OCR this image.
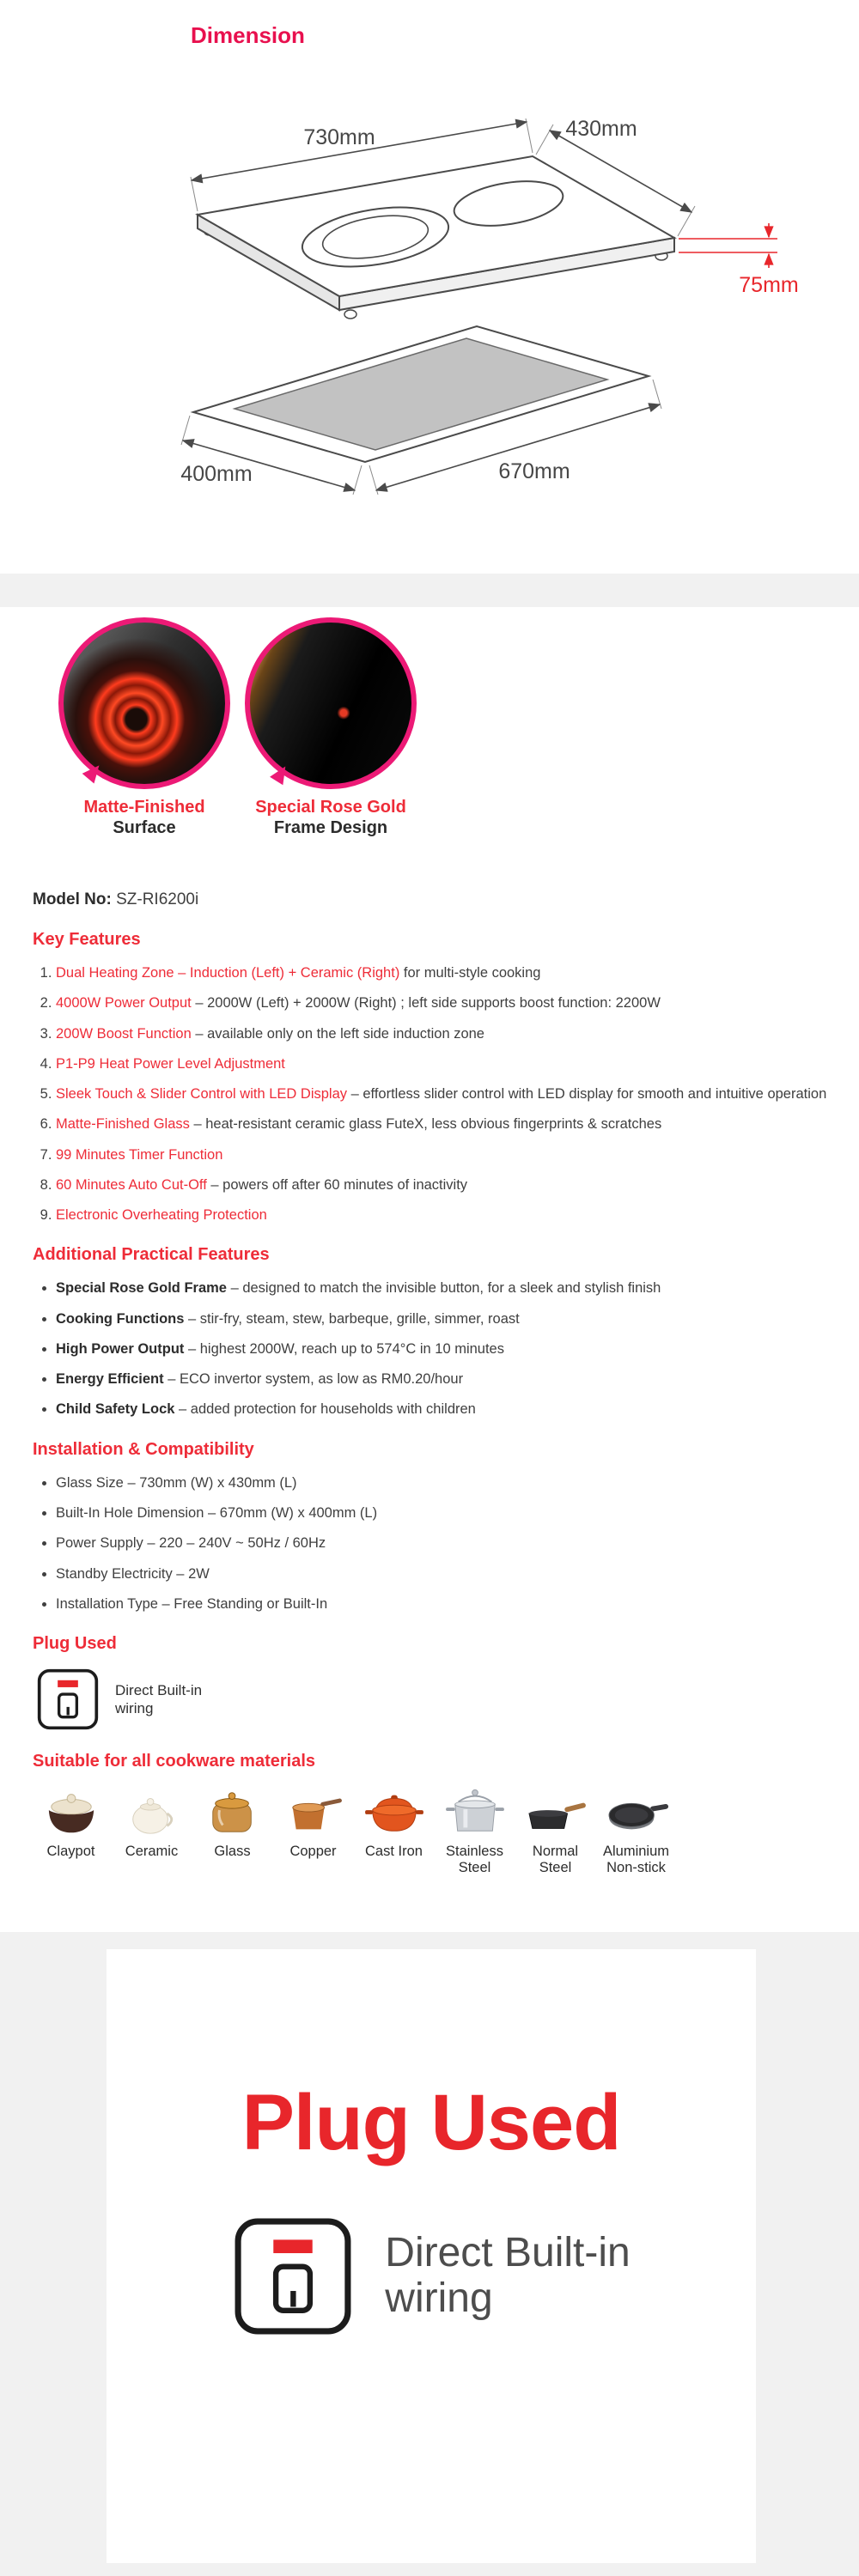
Dimension
730mm	430mm
75mm
670mm
400mm
Matte-Finished
Surface
Special Rose Gold
Frame Design

Model No: SZ-RI6200i

Key Features
1. Dual Heating Zone – Induction (Left) + Ceramic (Right) for multi-style cooking
2. 4000W Power Output – 2000W (Left) + 2000W (Right) ; left side supports boost function: 2200W
3. 200W Boost Function – available only on the left side induction zone
4. P1-P9 Heat Power Level Adjustment
5. Sleek Touch & Slider Control with LED Display – effortless slider control with LED display for smooth and intuitive operation
6. Matte-Finished Glass – heat-resistant ceramic glass FuteX, less obvious fingerprints & scratches
7. 99 Minutes Timer Function
8. 60 Minutes Auto Cut-Off – powers off after 60 minutes of inactivity
9. Electronic Overheating Protection
Additional Practical Features
• Special Rose Gold Frame – designed to match the invisible button, for a sleek and stylish finish
• Cooking Functions – stir-fry, steam, stew, barbeque, grille, simmer, roast
• High Power Output – highest 2000W, reach up to 574°C in 10 minutes
• Energy Efficient – ECO invertor system, as low as RM0.20/hour
• Child Safety Lock – added protection for households with children
Installation & Compatibility
• Glass Size – 730mm (W) x 430mm (L)
• Built-In Hole Dimension – 670mm (W) x 400mm (L)
• Power Supply – 220 – 240V ~ 50Hz / 60Hz
• Standby Electricity – 2W
• Installation Type – Free Standing or Built-In
Plug Used
Direct Built-in
wiring
Suitable for all cookware materials
Claypot	Ceramic	Glass	Copper	Cast Iron	Stainless Steel
Normal Steel
Aluminium Non-stick
Plug Used
Direct Built-in
wiring
